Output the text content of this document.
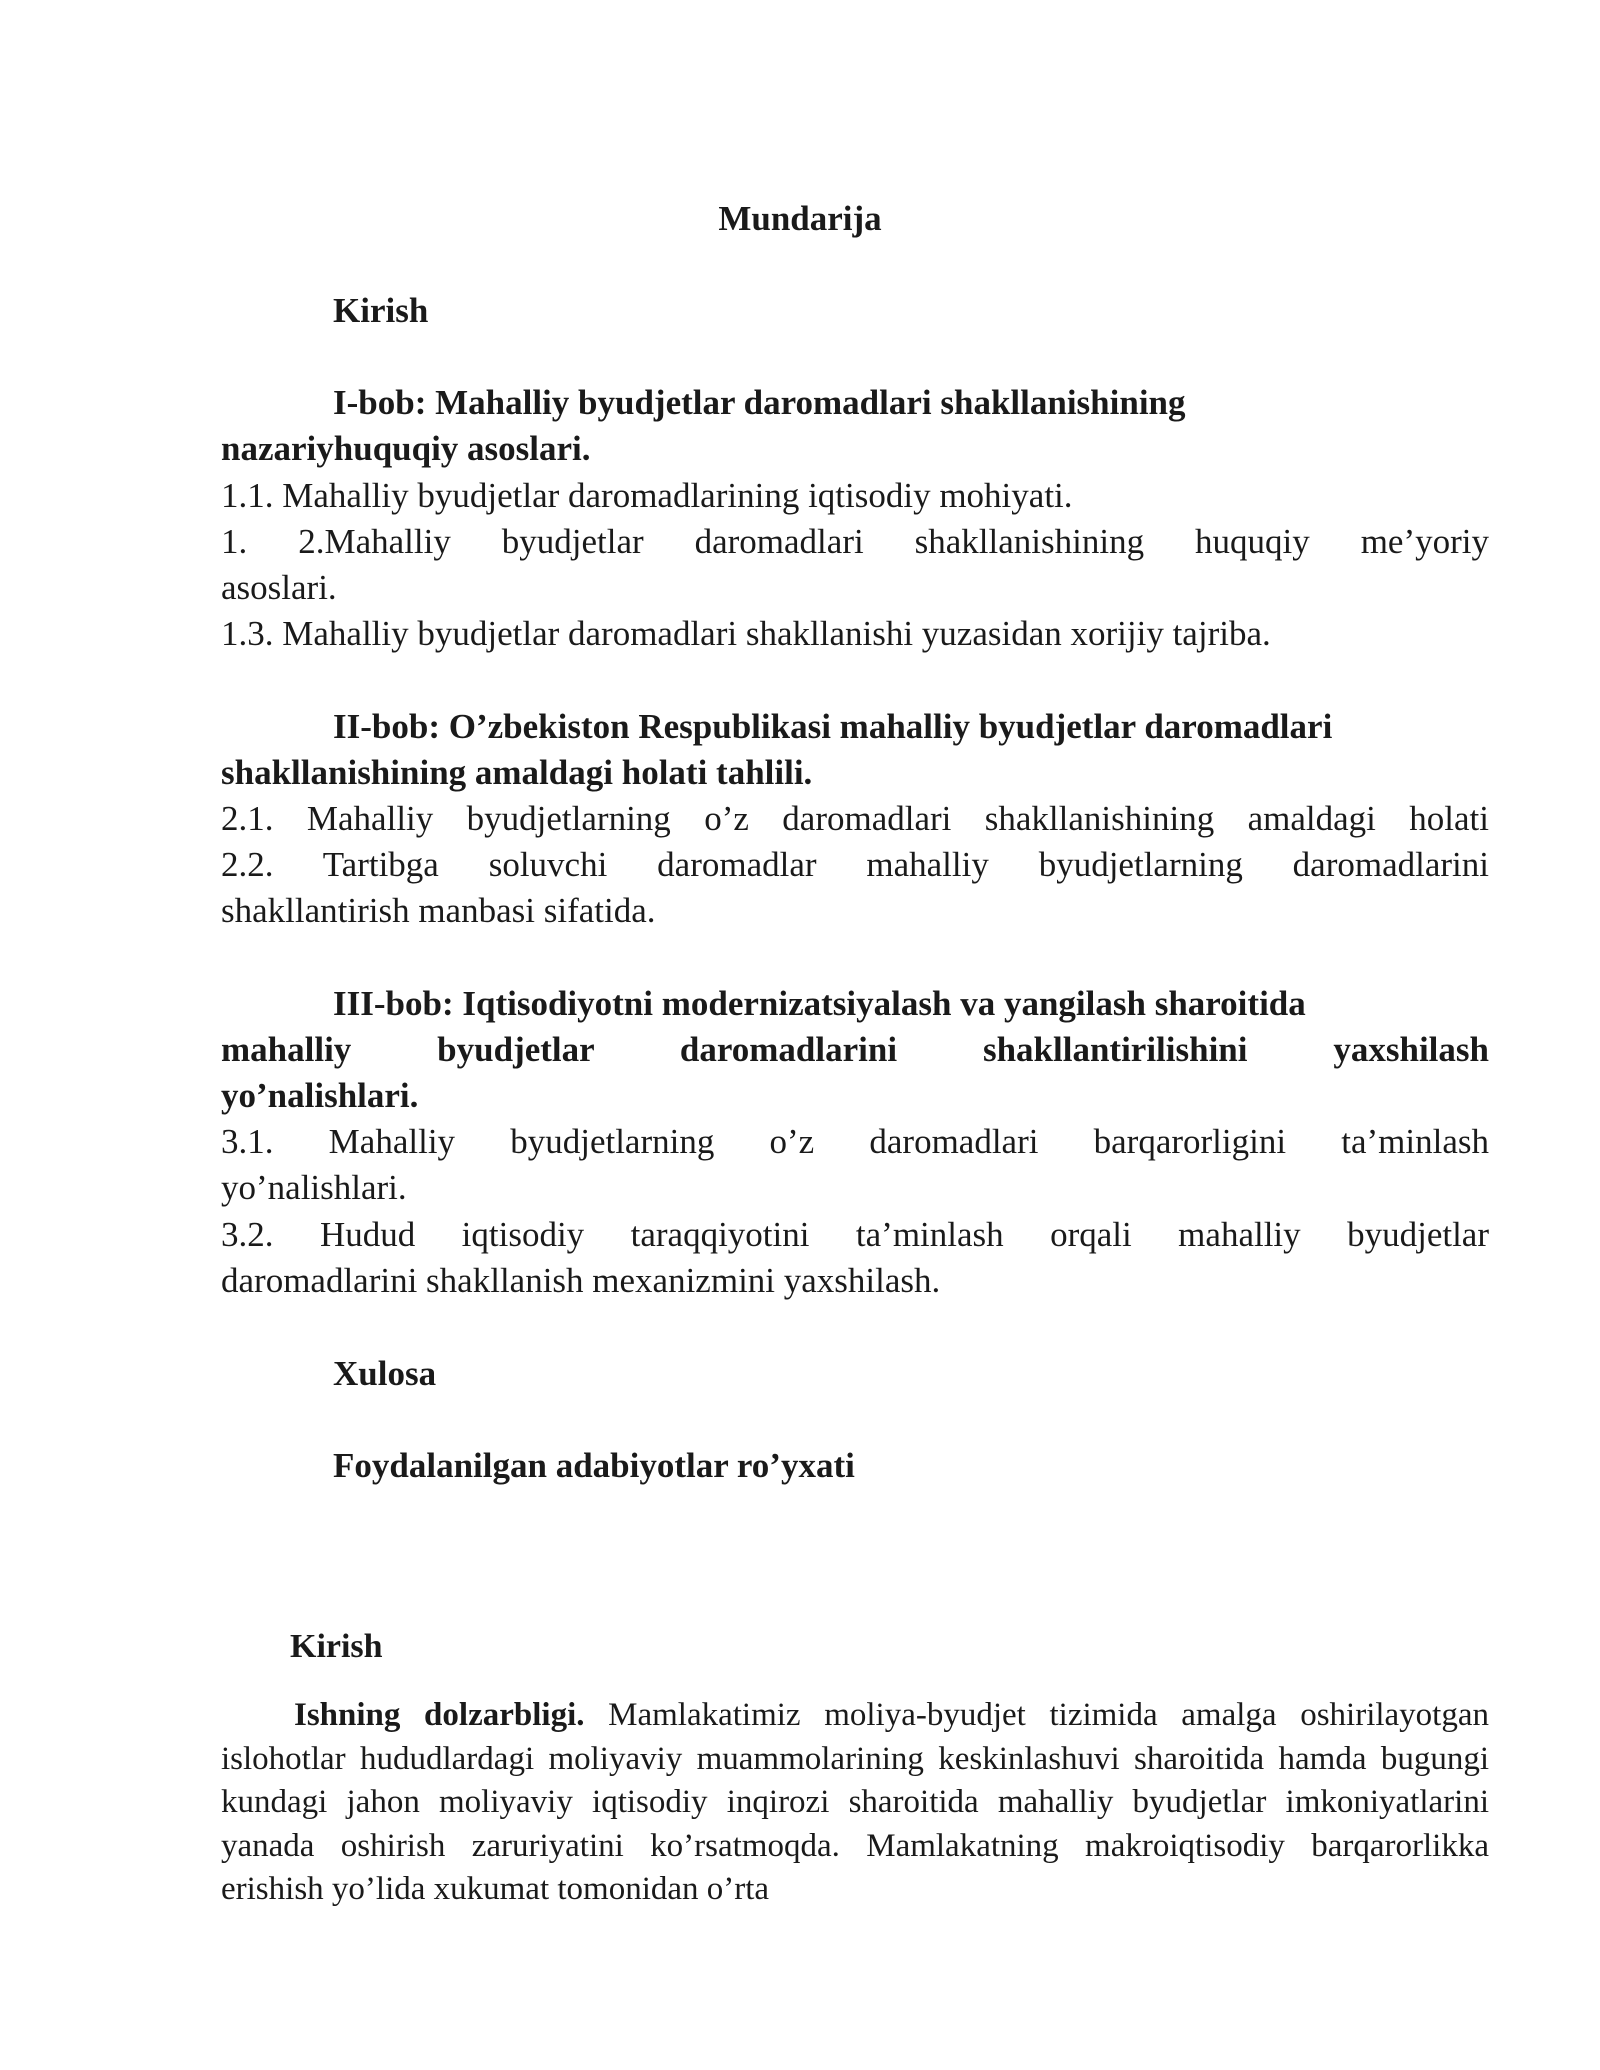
Mundarija
Kirish
I-bob: Mahalliy byudjetlar daromadlari shakllanishining
nazariyhuquqiy asoslari.
1.1. Mahalliy byudjetlar daromadlarining iqtisodiy mohiyati.
1. 2.Mahalliy byudjetlar daromadlari shakllanishining huquqiy me’yoriy
asoslari.
1.3. Mahalliy byudjetlar daromadlari shakllanishi yuzasidan xorijiy tajriba.
II-bob: O’zbekiston Respublikasi mahalliy byudjetlar daromadlari
shakllanishining amaldagi holati tahlili.
2.1. Mahalliy byudjetlarning o’z daromadlari shakllanishining amaldagi holati
2.2. Tartibga soluvchi daromadlar mahalliy byudjetlarning daromadlarini
shakllantirish manbasi sifatida.
III-bob: Iqtisodiyotni modernizatsiyalash va yangilash sharoitida
mahalliy byudjetlar daromadlarini shakllantirilishini yaxshilash
yo’nalishlari.
3.1. Mahalliy byudjetlarning o’z daromadlari barqarorligini ta’minlash
yo’nalishlari.
3.2. Hudud iqtisodiy taraqqiyotini ta’minlash orqali mahalliy byudjetlar
daromadlarini shakllanish mexanizmini yaxshilash.
Xulosa
Foydalanilgan adabiyotlar ro’yxati
Kirish
Ishning dolzarbligi. Mamlakatimiz moliya-byudjet tizimida amalga oshirilayotgan islohotlar hududlardagi moliyaviy muammolarining keskinlashuvi sharoitida hamda bugungi kundagi jahon moliyaviy iqtisodiy inqirozi sharoitida mahalliy byudjetlar imkoniyatlarini yanada oshirish zaruriyatini ko’rsatmoqda. Mamlakatning makroiqtisodiy barqarorlikka erishish yo’lida xukumat tomonidan o’rta
